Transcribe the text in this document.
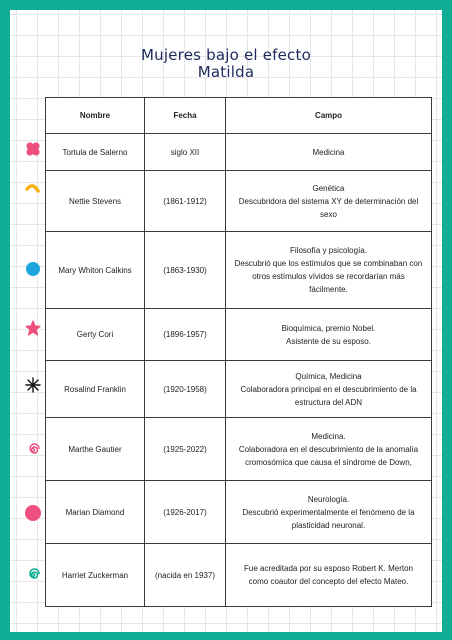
Mujeres bajo el efecto
Matilda
Nombre	Fecha	Campo
Tortula de Salerno	siglo XII	Medicina

Nettie Stevens	(1861-1912)	Genética
Descubridora del sistema XY de determinación del
sexo

Mary Whiton Calkins	(1863-1930)	Filosofía y psicología.
Descubrió que los estímulos que se combinaban con
otros estímulos vívidos se recordarían más
fácilmente.

Gerty Cori	(1896-1957)	Bioquímica, premio Nobel.
Asistente de su esposo.

Rosalind Franklin	(1920-1958)	Química, Medicina
Colaboradora principal en el descubrimiento de la
estructura del ADN

Marthe Gautier	(1925-2022)	Medicina.
Colaboradora en el descubrimiento de la anomalía
cromosómica que causa el síndrome de Down,

Marian Diamond	(1926-2017)	Neurología.
Descubrió experimentalmente el fenómeno de la
plasticidad neuronal.

Harriet Zuckerman	(nacida en 1937)	Fue acreditada por su esposo Robert K. Merton
como coautor del concepto del efecto Mateo.
